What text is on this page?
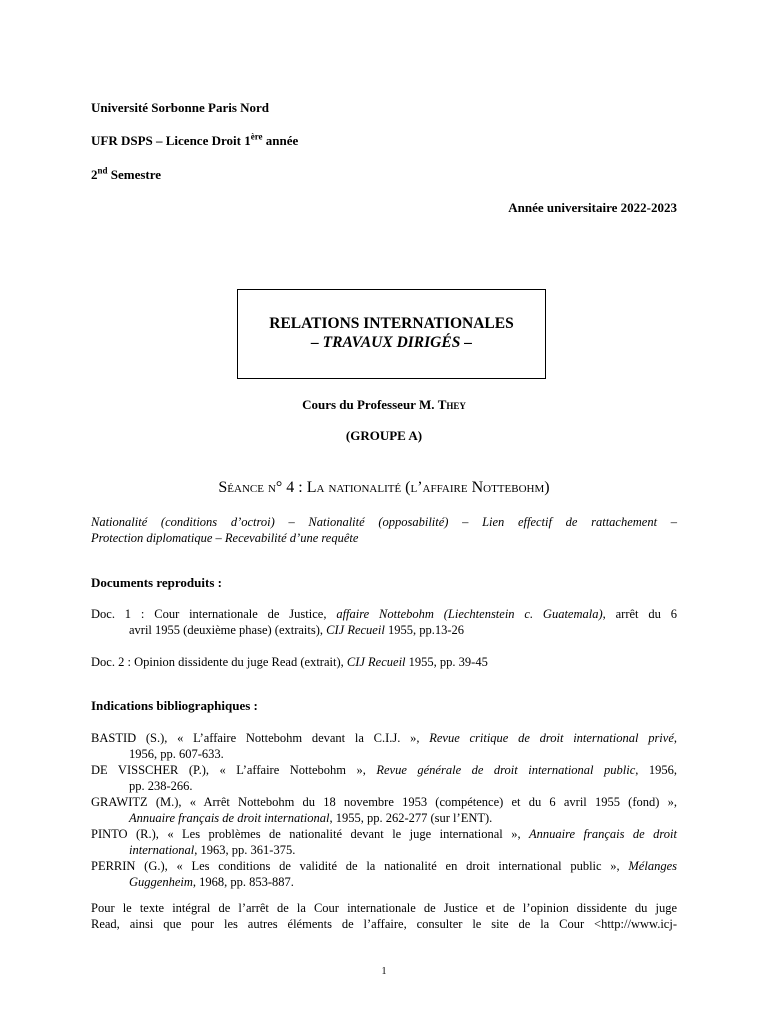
Université Sorbonne Paris Nord
UFR DSPS – Licence Droit 1ère année
2nd Semestre
Année universitaire 2022-2023
RELATIONS INTERNATIONALES
– TRAVAUX DIRIGÉS –
Cours du Professeur M. They
(GROUPE A)
Séance n° 4 : La nationalité (l’affaire Nottebohm)
Nationalité (conditions d’octroi) – Nationalité (opposabilité) – Lien effectif de rattachement –
Protection diplomatique – Recevabilité d’une requête
Documents reproduits :
Doc. 1 : Cour internationale de Justice, affaire Nottebohm (Liechtenstein c. Guatemala), arrêt du 6
avril 1955 (deuxième phase) (extraits), CIJ Recueil 1955, pp.13-26
Doc. 2 : Opinion dissidente du juge Read (extrait), CIJ Recueil 1955, pp. 39-45
Indications bibliographiques :
BASTID (S.), « L’affaire Nottebohm devant la C.I.J. », Revue critique de droit international privé,
1956, pp. 607-633.
DE VISSCHER (P.), « L’affaire Nottebohm », Revue générale de droit international public, 1956,
pp. 238-266.
GRAWITZ (M.), « Arrêt Nottebohm du 18 novembre 1953 (compétence) et du 6 avril 1955 (fond) »,
Annuaire français de droit international, 1955, pp. 262-277 (sur l’ENT).
PINTO (R.), « Les problèmes de nationalité devant le juge international », Annuaire français de droit
international, 1963, pp. 361-375.
PERRIN (G.), « Les conditions de validité de la nationalité en droit international public », Mélanges
Guggenheim, 1968, pp. 853-887.
Pour le texte intégral de l’arrêt de la Cour internationale de Justice et de l’opinion dissidente du juge
Read, ainsi que pour les autres éléments de l’affaire, consulter le site de la Cour <http://www.icj-
1
